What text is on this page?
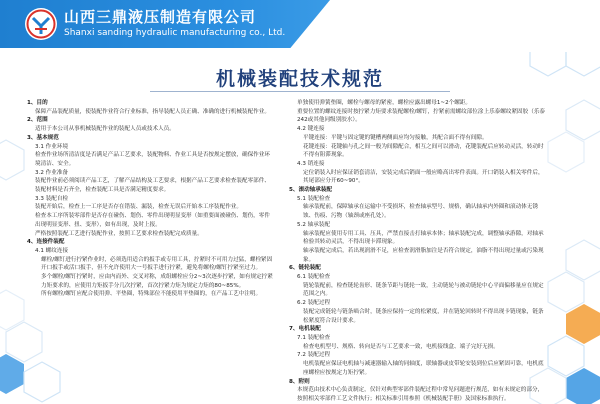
山西三鼎液压制造有限公司
Shanxi sanding hydraulic manufacturing co., Ltd.
机械装配技术规范

1、目的

保障产品装配质量，使装配作业符合行业标准，指导装配人员正确、准确的进行机械装配作业。

2、范围

适用于本公司从事机械装配作业的装配人员或技术人员。

3、基本规范

3.1 作业环境

检查作业场所清洁度是否满足产品工艺要求，装配物料、作业工具是否按规定摆放，确保作业环境清洁、安全。

3.2 作业准备

装配作业前必须阅读产品工艺，了解产品结构及工艺要求，根据产品工艺要求检查装配零部件、装配材料是否齐全，检查装配工具是否满足精度要求。

3.3 装配自检

装配开始后，检查上一工序是否存在错装、漏装，检查无误后开始本工序装配作业。

检查本工序所装零部件是否存在碰伤、划伤、零件出现明显变形（如重要面被碰伤、划伤，零件出现明显变形、扭、变形），如有出现，及时上报。

严格按照装配工艺进行装配作业，按照工艺要求检查装配完成质量。

4、连接件装配

4.1 螺纹连接

螺栓/螺钉进行拧紧作业时，必须选用适合的扳手或专用工具，拧紧时不可用力过猛，螺栓紧固开口扳手或活口扳手，但不允许使用大一号扳手进行拧紧，避免将螺栓/螺钉拧紧至过力。

多个螺栓/螺钉拧紧时，应由内而外、交叉对称，成组螺栓应分2~3次逐步拧紧，如有规定拧紧力矩要求的，应使用力矩扳手分几次拧紧，首次拧紧力矩为规定力矩的80~85%。

所有螺栓/螺钉应配合使用弹、平垫圈，特殊部位不能使用平垫圈的，在产品工艺中注明。

单独使用弹簧垫圈，螺栓与螺母的紧密，螺栓应露出螺母1~2个螺距。

重要位置的螺纹连接时按拧紧力矩要求装配螺栓/螺钉，拧紧前需螺纹部位涂上乐泰螺纹紧固胶（乐泰242或其他同级别胶水）。

4.2 键连接

平键连接：平键与固定键的键槽两侧面应均匀接触，其配合面不得有间隙。

花键连接：花键轴与孔之间一般为间隙配合，相互之间可以滑动，花键装配后应转动灵活，转动时不得有阻滞现象。

4.3 销连接

定位销装入时应保证销套清洁，安装完成后销面一般应略高出零件表面。开口销装入相关零件后，其尾部应分开60~90°。

5、滚动轴承装配

5.1 装配检查

轴承装配前，保障轴承在运输中不受损坏，检查轴承型号、规格，确认轴承内外圈和滚动体无锈蚀、伤痕、污物（轴颈或座孔处）。

5.2 轴承装配

轴承装配应使用专用工具、压具，严禁直接击打轴承本体；轴承装配完成，调整轴承游隙，对轴承检验其转动灵活，不得出现卡滞现象。

轴承装配完成后，若出现润滑不足，应检查润滑脂加注是否符合规定，油脂不得出现过量或污染现象。

6、链轮装配

6.1 装配检查

链轮装配前，检查链轮齿形、链条节距与链轮一致，主动链轮与被动链轮中心平面偏移量应在规定范围之内。

6.2 装配过程

装配完成链轮与链条啮合时，链条应保持一定的松紧度，并在链轮回转时不得出现卡链现象，链条松紧度符合设计要求。

7、电机装配

7.1 装配检查

检查电机型号、规格、转向是否与工艺要求一致，电机接线盒、端子完好无损。

7.2 装配过程

电机装配应保证电机轴与减速器输入轴的同轴度，联轴器或皮带轮安装到位后应紧固可靠，电机底座螺栓应按规定力矩拧紧。

8、附则

本规范由技术中心负责制定，仅针对典型零部件装配过程中常见问题进行规范，如有未规定的部分，按照相关零部件工艺文件执行；相关标准引用参照《机械装配手册》及国家标准执行。
